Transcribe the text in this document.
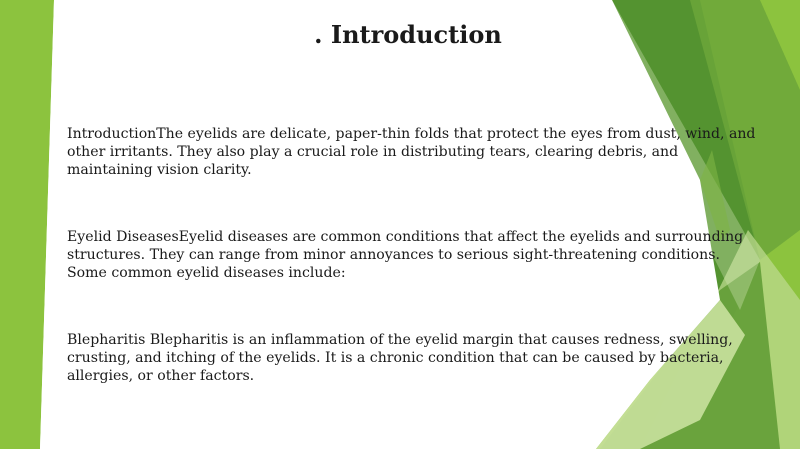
. Introduction
IntroductionThe eyelids are delicate, paper-thin folds that protect the eyes from dust, wind, and other irritants. They also play a crucial role in distributing tears, clearing debris, and maintaining vision clarity.
Eyelid DiseasesEyelid diseases are common conditions that affect the eyelids and surrounding structures. They can range from minor annoyances to serious sight-threatening conditions. Some common eyelid diseases include:
Blepharitis Blepharitis is an inflammation of the eyelid margin that causes redness, swelling, crusting, and itching of the eyelids. It is a chronic condition that can be caused by bacteria, allergies, or other factors.
